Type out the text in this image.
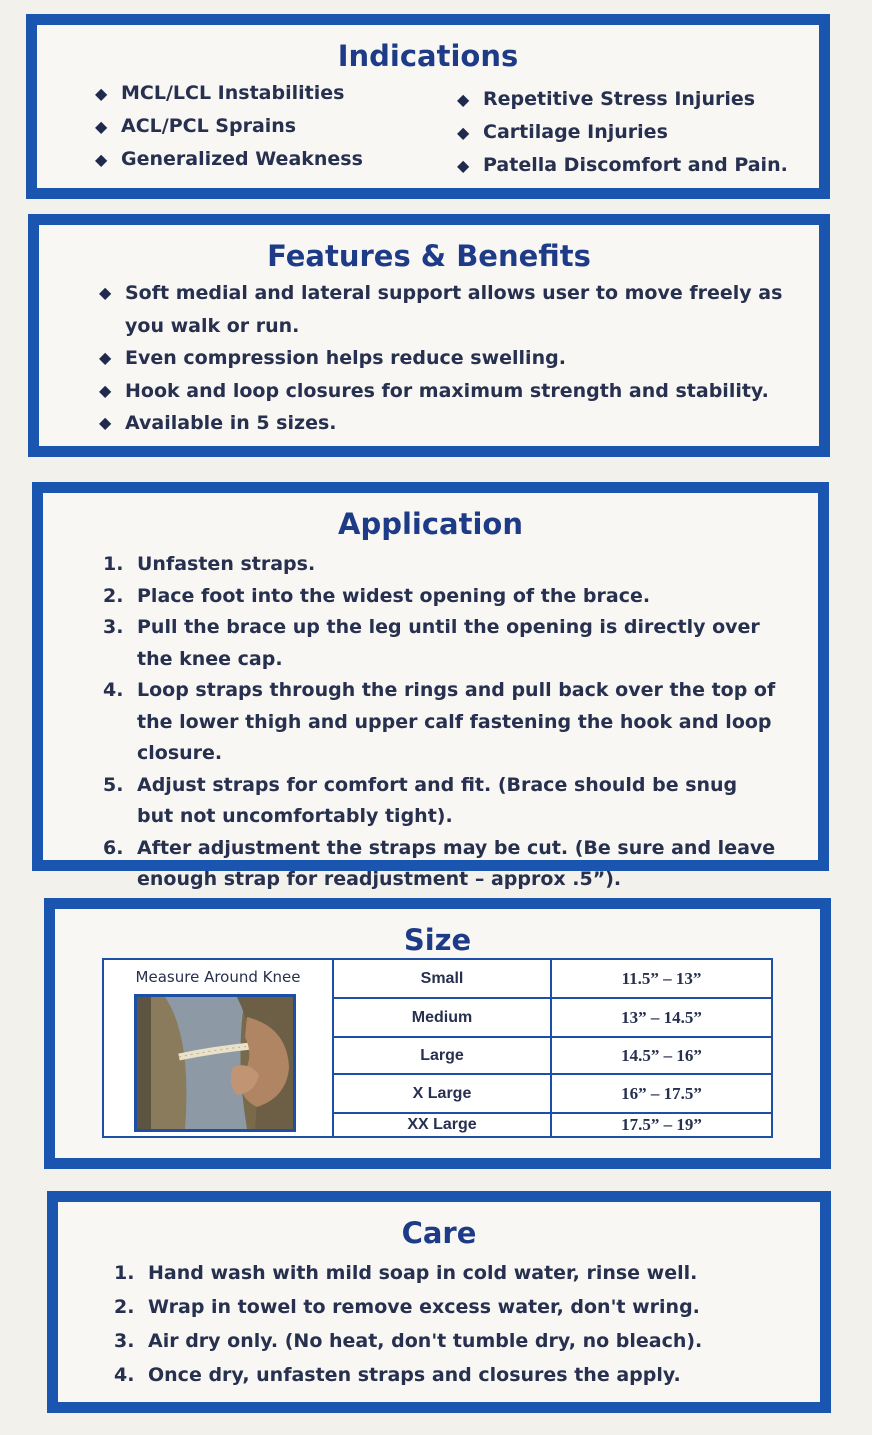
Indications
◆ MCL/LCL Instabilities
◆ ACL/PCL Sprains
◆ Generalized Weakness
◆ Repetitive Stress Injuries
◆ Cartilage Injuries
◆ Patella Discomfort and Pain.
Features & Benefits
◆ Soft medial and lateral support allows user to move freely as you walk or run.
◆ Even compression helps reduce swelling.
◆ Hook and loop closures for maximum strength and stability.
◆ Available in 5 sizes.
Application
1. Unfasten straps.
2. Place foot into the widest opening of the brace.
3. Pull the brace up the leg until the opening is directly over the knee cap.
4. Loop straps through the rings and pull back over the top of the lower thigh and upper calf fastening the hook and loop closure.
5. Adjust straps for comfort and fit. (Brace should be snug but not uncomfortably tight).
6. After adjustment the straps may be cut. (Be sure and leave enough strap for readjustment – approx .5”).
Size
Measure Around Knee	Small	11.5” – 13”
Medium	13” – 14.5”
Large	14.5” – 16”
X Large	16” – 17.5”
XX Large	17.5” – 19”
Care
1. Hand wash with mild soap in cold water, rinse well.
2. Wrap in towel to remove excess water, don't wring.
3. Air dry only. (No heat, don't tumble dry, no bleach).
4. Once dry, unfasten straps and closures the apply.
